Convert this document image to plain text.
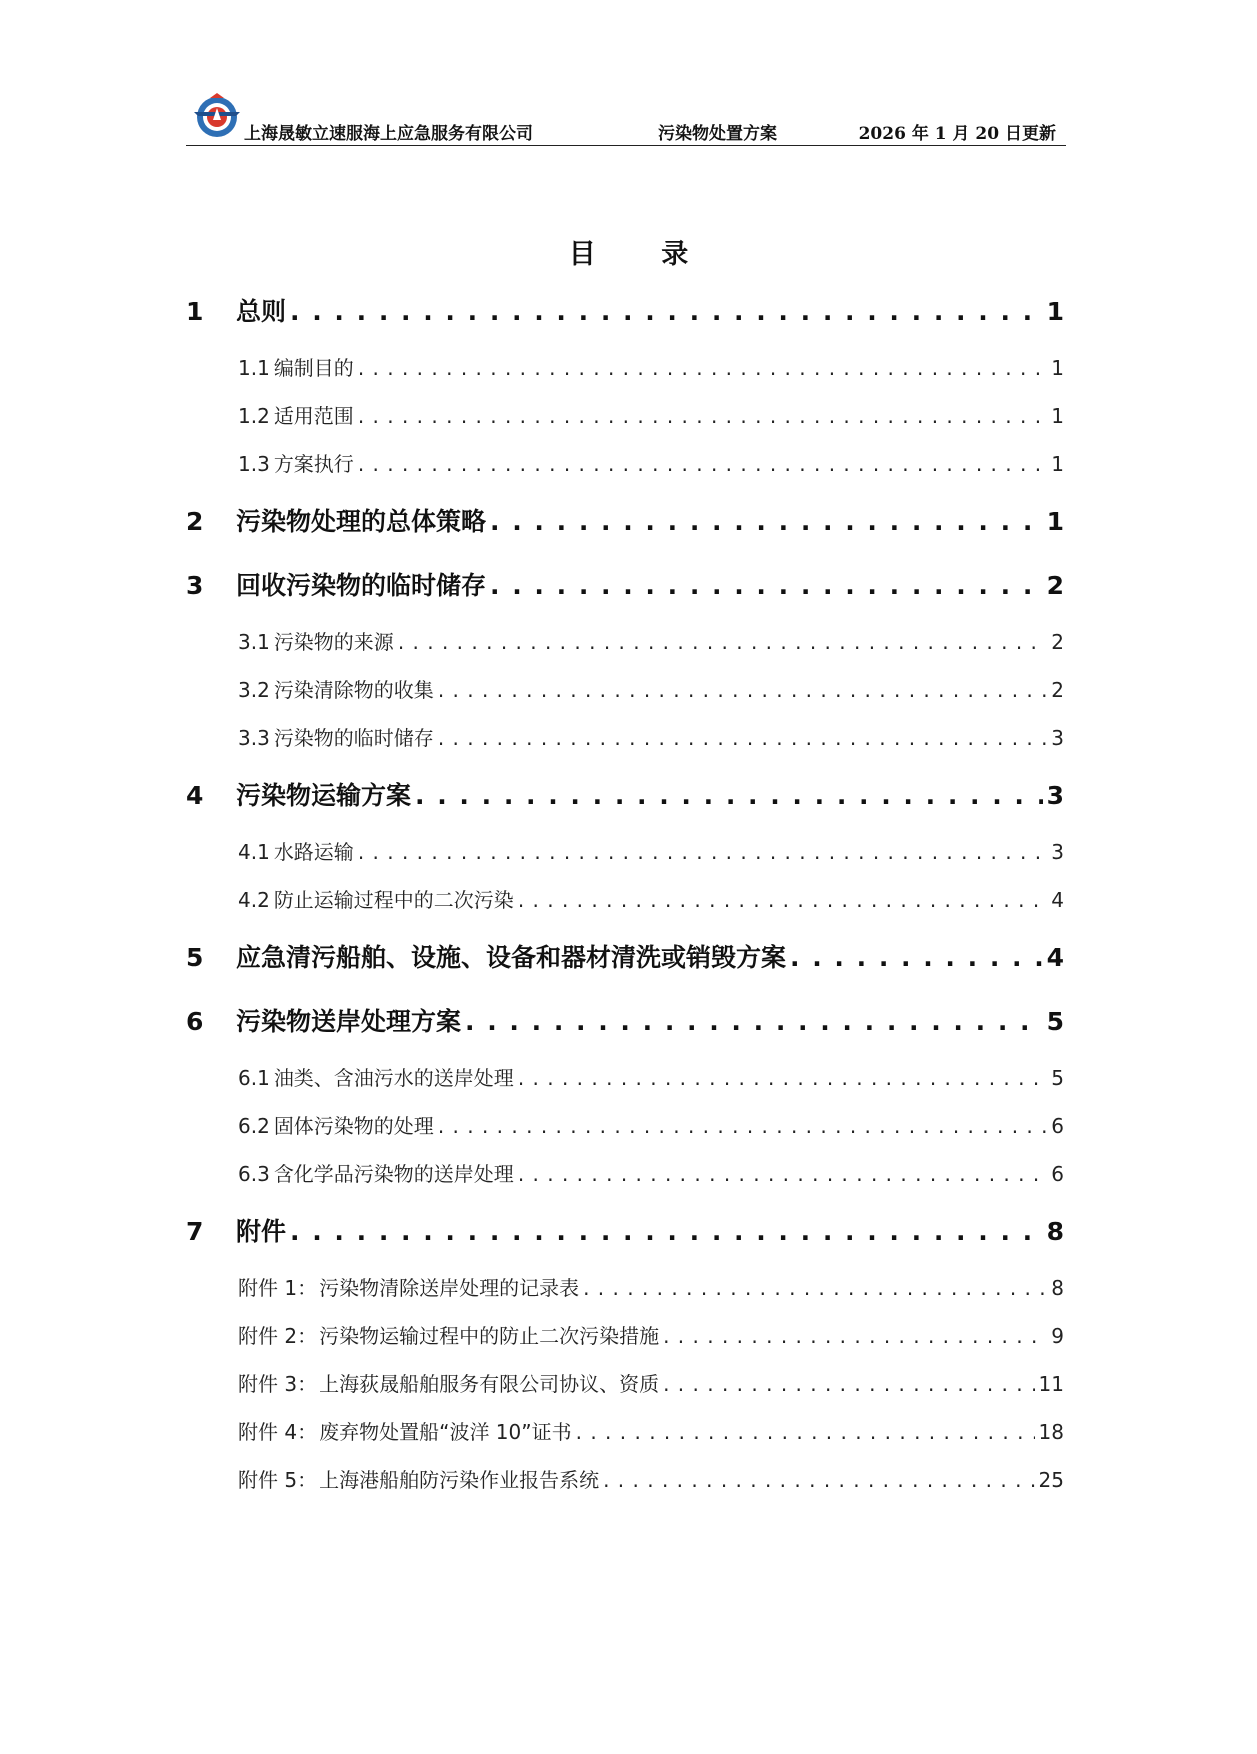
上海晟敏立速服海上应急服务有限公司	污染物处置方案	2026 年 1 月 20 日更新
目 录
1	总则 . . .	1
1.1 编制目的 . . .	1
1.2 适用范围 . . .	1
1.3 方案执行 . . .	1
2	污染物处理的总体策略 . . .	1
3	回收污染物的临时储存 . . .	2
3.1 污染物的来源 . . .	2
3.2 污染清除物的收集 . . .	2
3.3 污染物的临时储存 . . .	3
4	污染物运输方案 . . .	3
4.1 水路运输 . . .	3
4.2 防止运输过程中的二次污染 . . .	4
5	应急清污船舶、设施、设备和器材清洗或销毁方案 . . .	4
6	污染物送岸处理方案 . . .	5
6.1 油类、含油污水的送岸处理 . . .	5
6.2 固体污染物的处理 . . .	6
6.3 含化学品污染物的送岸处理 . . .	6
7	附件 . . .	8
附件 1： 污染物清除送岸处理的记录表 . . .	8
附件 2： 污染物运输过程中的防止二次污染措施 . . .	9
附件 3： 上海荻晟船舶服务有限公司协议、资质 . . .	11
附件 4： 废弃物处置船“波洋 10”证书 . . .	18
附件 5： 上海港船舶防污染作业报告系统 . . .	25
